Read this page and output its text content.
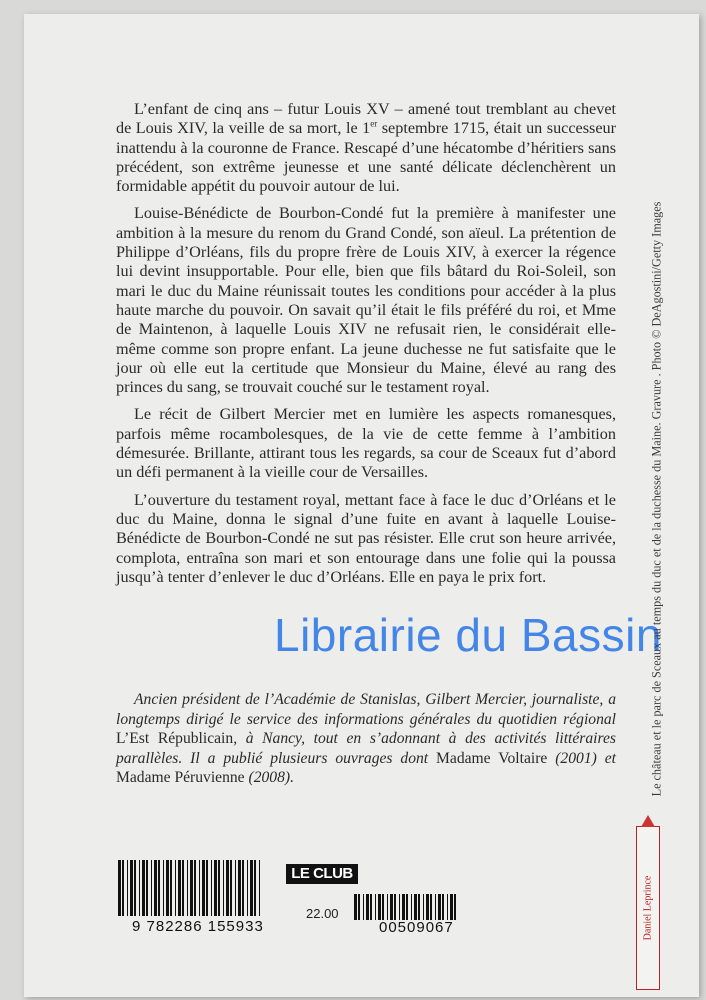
L’enfant de cinq ans – futur Louis XV – amené tout tremblant au chevet de Louis XIV, la veille de sa mort, le 1er septembre 1715, était un successeur inattendu à la couronne de France. Rescapé d’une hécatombe d’héritiers sans précédent, son extrême jeunesse et une santé délicate déclenchèrent un formidable appétit du pouvoir autour de lui.

Louise-Bénédicte de Bourbon-Condé fut la première à manifester une ambition à la mesure du renom du Grand Condé, son aïeul. La prétention de Philippe d’Orléans, fils du propre frère de Louis XIV, à exercer la régence lui devint insupportable. Pour elle, bien que fils bâtard du Roi-Soleil, son mari le duc du Maine réunissait toutes les conditions pour accéder à la plus haute marche du pouvoir. On savait qu’il était le fils préféré du roi, et Mme de Maintenon, à laquelle Louis XIV ne refusait rien, le considérait elle-même comme son propre enfant. La jeune duchesse ne fut satisfaite que le jour où elle eut la certitude que Monsieur du Maine, élevé au rang des princes du sang, se trouvait couché sur le testament royal.

Le récit de Gilbert Mercier met en lumière les aspects romanesques, parfois même rocambolesques, de la vie de cette femme à l’ambition démesurée. Brillante, attirant tous les regards, sa cour de Sceaux fut d’abord un défi permanent à la vieille cour de Versailles.

L’ouverture du testament royal, mettant face à face le duc d’Orléans et le duc du Maine, donna le signal d’une fuite en avant à laquelle Louise-Bénédicte de Bourbon-Condé ne sut pas résister. Elle crut son heure arrivée, complota, entraîna son mari et son entourage dans une folie qui la poussa jusqu’à tenter d’enlever le duc d’Orléans. Elle en paya le prix fort.

Ancien président de l’Académie de Stanislas, Gilbert Mercier, journaliste, a longtemps dirigé le service des informations générales du quotidien régional L’Est Républicain, à Nancy, tout en s’adonnant à des activités littéraires parallèles. Il a publié plusieurs ouvrages dont Madame Voltaire (2001) et Madame Péruvienne (2008).
Librairie du Bassin
Le château et le parc de Sceaux au temps du duc et de la duchesse du Maine. Gravure . Photo © DeAgostini/Getty Images
Daniel Leprince
9 782286 155933
LE CLUB
22.00
00509067
